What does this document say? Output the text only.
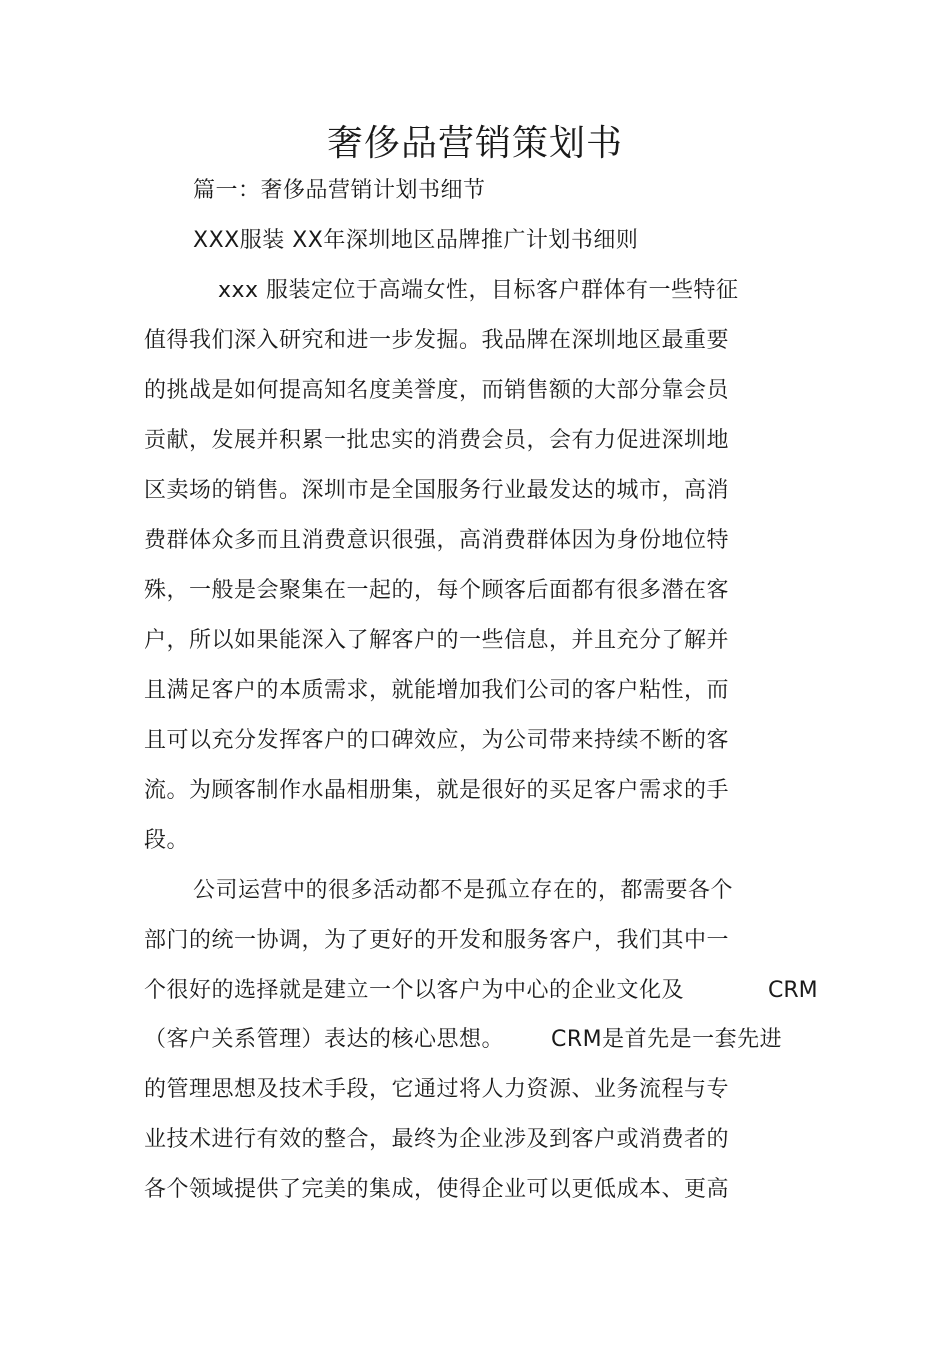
奢侈品营销策划书
篇一：奢侈品营销计划书细节
XXX服装 XX年深圳地区品牌推广计划书细则
xxx 服装定位于高端女性，目标客户群体有一些特征
值得我们深入研究和进一步发掘。我品牌在深圳地区最重要
的挑战是如何提高知名度美誉度，而销售额的大部分靠会员
贡献，发展并积累一批忠实的消费会员，会有力促进深圳地
区卖场的销售。深圳市是全国服务行业最发达的城市，高消
费群体众多而且消费意识很强，高消费群体因为身份地位特
殊，一般是会聚集在一起的，每个顾客后面都有很多潜在客
户，所以如果能深入了解客户的一些信息，并且充分了解并
且满足客户的本质需求，就能增加我们公司的客户粘性，而
且可以充分发挥客户的口碑效应，为公司带来持续不断的客
流。为顾客制作水晶相册集，就是很好的买足客户需求的手
段。
公司运营中的很多活动都不是孤立存在的，都需要各个
部门的统一协调，为了更好的开发和服务客户，我们其中一
个很好的选择就是建立一个以客户为中心的企业文化及	CRM
（客户关系管理）表达的核心思想。 CRM是首先是一套先进
的管理思想及技术手段，它通过将人力资源、业务流程与专
业技术进行有效的整合，最终为企业涉及到客户或消费者的
各个领域提供了完美的集成，使得企业可以更低成本、更高
